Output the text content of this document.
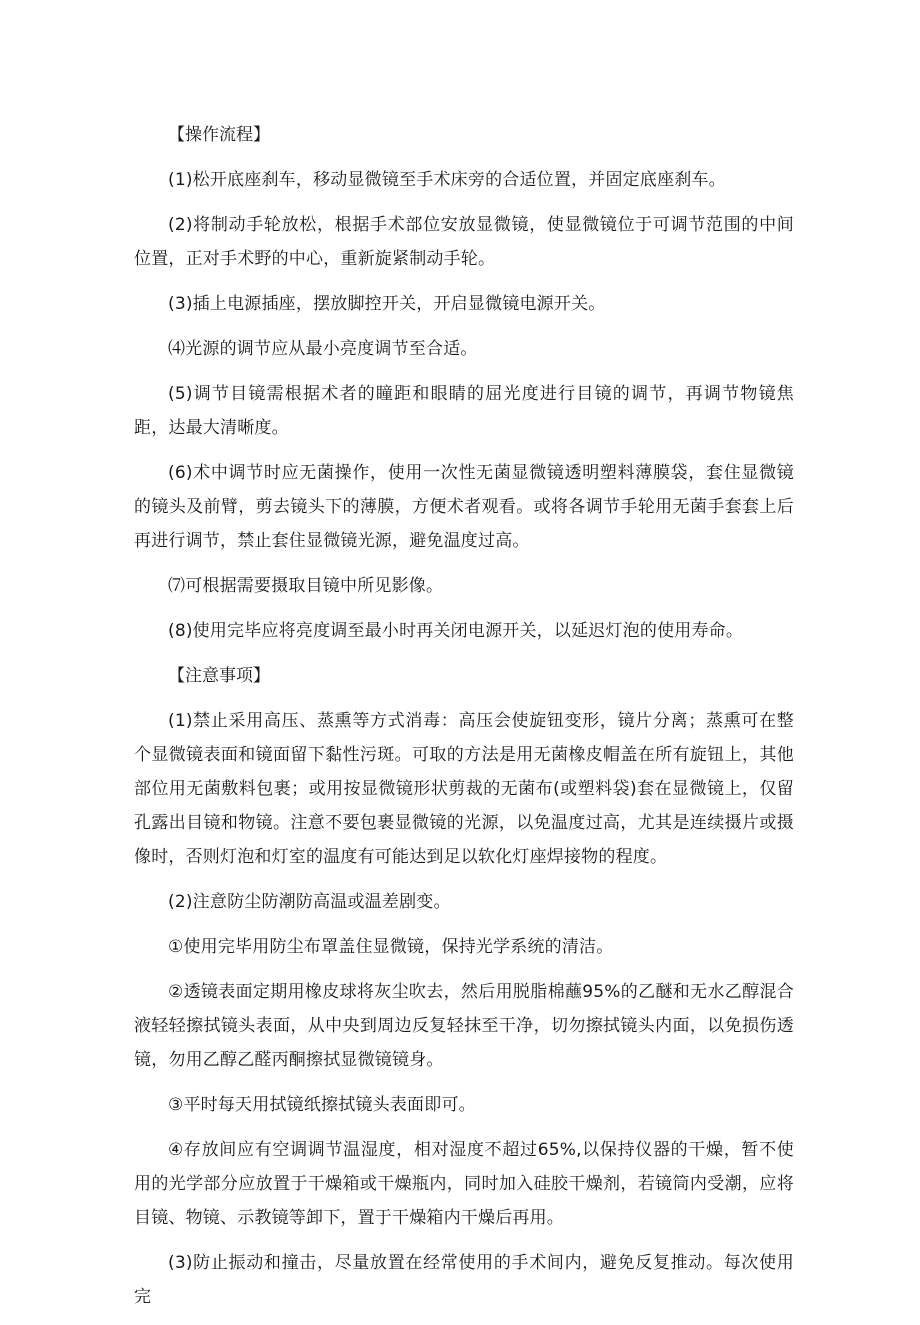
【操作流程】

(1)松开底座刹车，移动显微镜至手术床旁的合适位置，并固定底座刹车。

(2)将制动手轮放松，根据手术部位安放显微镜，使显微镜位于可调节范围的中间位置，正对手术野的中心，重新旋紧制动手轮。

(3)插上电源插座，摆放脚控开关，开启显微镜电源开关。

⑷光源的调节应从最小亮度调节至合适。

(5)调节目镜需根据术者的瞳距和眼睛的屈光度进行目镜的调节，再调节物镜焦距，达最大清晰度。

(6)术中调节时应无菌操作，使用一次性无菌显微镜透明塑料薄膜袋，套住显微镜的镜头及前臂，剪去镜头下的薄膜，方便术者观看。或将各调节手轮用无菌手套套上后再进行调节，禁止套住显微镜光源，避免温度过高。

⑺可根据需要摄取目镜中所见影像。

(8)使用完毕应将亮度调至最小时再关闭电源开关，以延迟灯泡的使用寿命。

【注意事项】

(1)禁止采用高压、蒸熏等方式消毒：高压会使旋钮变形，镜片分离；蒸熏可在整个显微镜表面和镜面留下黏性污斑。可取的方法是用无菌橡皮帽盖在所有旋钮上，其他部位用无菌敷料包裹；或用按显微镜形状剪裁的无菌布(或塑料袋)套在显微镜上，仅留孔露出目镜和物镜。注意不要包裹显微镜的光源，以免温度过高，尤其是连续摄片或摄像时，否则灯泡和灯室的温度有可能达到足以软化灯座焊接物的程度。

(2)注意防尘防潮防高温或温差剧变。

①使用完毕用防尘布罩盖住显微镜，保持光学系统的清洁。

②透镜表面定期用橡皮球将灰尘吹去，然后用脱脂棉蘸95%的乙醚和无水乙醇混合液轻轻擦拭镜头表面，从中央到周边反复轻抹至干净，切勿擦拭镜头内面，以免损伤透镜，勿用乙醇乙醛丙酮擦拭显微镜镜身。

③平时每天用拭镜纸擦拭镜头表面即可。

④存放间应有空调调节温湿度，相对湿度不超过65%,以保持仪器的干燥，暂不使用的光学部分应放置于干燥箱或干燥瓶内，同时加入硅胶干燥剂，若镜筒内受潮，应将目镜、物镜、示教镜等卸下，置于干燥箱内干燥后再用。

(3)防止振动和撞击，尽量放置在经常使用的手术间内，避免反复推动。每次使用完
